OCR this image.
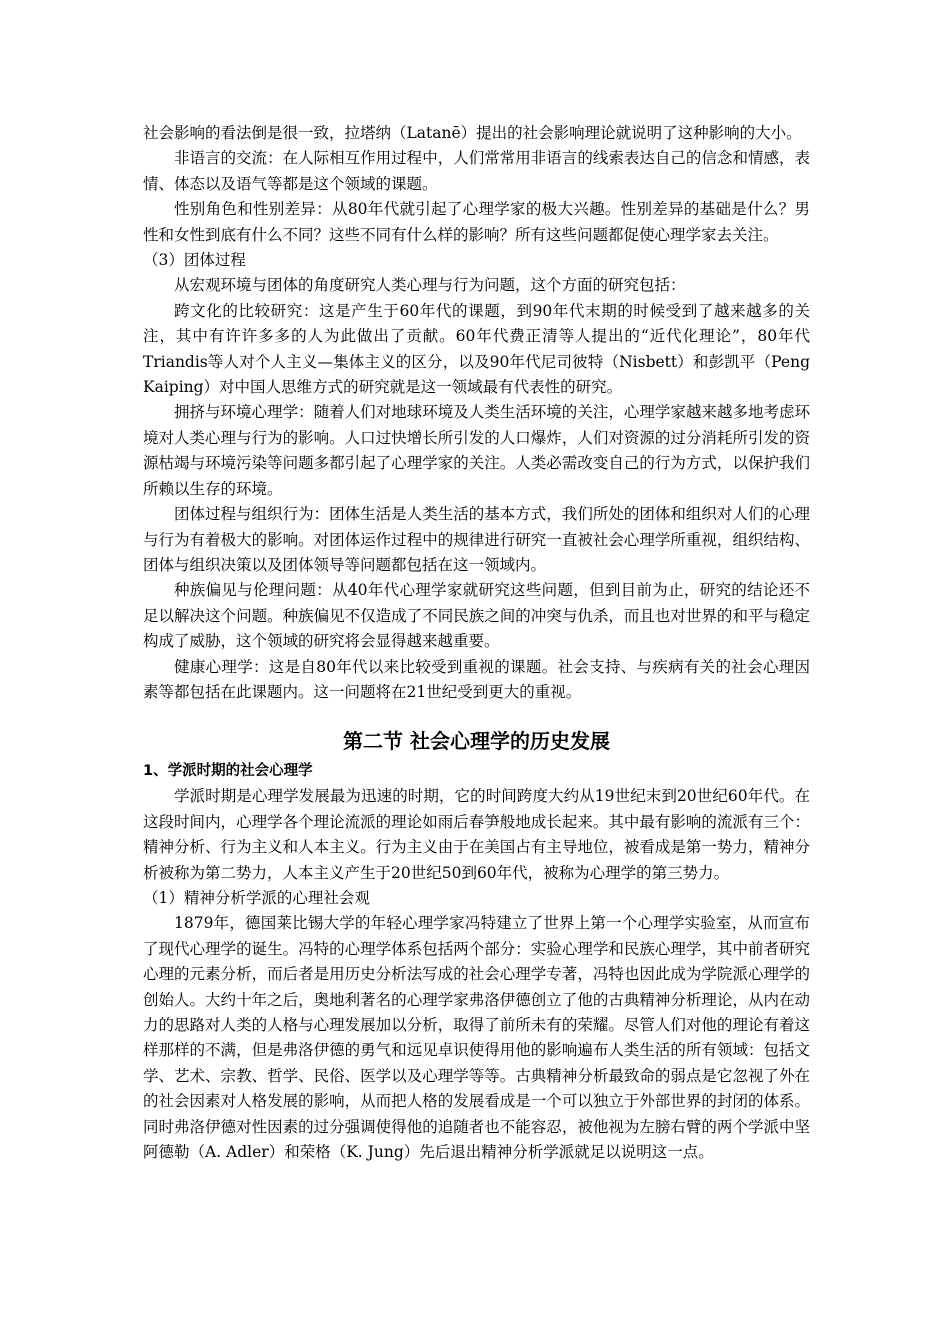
社会影响的看法倒是很一致，拉塔纳（Latanē）提出的社会影响理论就说明了这种影响的大小。

非语言的交流：在人际相互作用过程中，人们常常用非语言的线索表达自己的信念和情感，表情、体态以及语气等都是这个领域的课题。

性别角色和性别差异：从80年代就引起了心理学家的极大兴趣。性别差异的基础是什么？男性和女性到底有什么不同？这些不同有什么样的影响？所有这些问题都促使心理学家去关注。

（3）团体过程

从宏观环境与团体的角度研究人类心理与行为问题，这个方面的研究包括：

跨文化的比较研究：这是产生于60年代的课题，到90年代末期的时候受到了越来越多的关注，其中有许许多多的人为此做出了贡献。60年代费正清等人提出的“近代化理论”，80年代Triandis等人对个人主义—集体主义的区分，以及90年代尼司彼特（Nisbett）和彭凯平（Peng Kaiping）对中国人思维方式的研究就是这一领域最有代表性的研究。

拥挤与环境心理学：随着人们对地球环境及人类生活环境的关注，心理学家越来越多地考虑环境对人类心理与行为的影响。人口过快增长所引发的人口爆炸，人们对资源的过分消耗所引发的资源枯竭与环境污染等问题多都引起了心理学家的关注。人类必需改变自己的行为方式，以保护我们所赖以生存的环境。

团体过程与组织行为：团体生活是人类生活的基本方式，我们所处的团体和组织对人们的心理与行为有着极大的影响。对团体运作过程中的规律进行研究一直被社会心理学所重视，组织结构、团体与组织决策以及团体领导等问题都包括在这一领域内。

种族偏见与伦理问题：从40年代心理学家就研究这些问题，但到目前为止，研究的结论还不足以解决这个问题。种族偏见不仅造成了不同民族之间的冲突与仇杀，而且也对世界的和平与稳定构成了威胁，这个领域的研究将会显得越来越重要。

健康心理学：这是自80年代以来比较受到重视的课题。社会支持、与疾病有关的社会心理因素等都包括在此课题内。这一问题将在21世纪受到更大的重视。

第二节 社会心理学的历史发展

1、学派时期的社会心理学

学派时期是心理学发展最为迅速的时期，它的时间跨度大约从19世纪末到20世纪60年代。在这段时间内，心理学各个理论流派的理论如雨后春笋般地成长起来。其中最有影响的流派有三个：精神分析、行为主义和人本主义。行为主义由于在美国占有主导地位，被看成是第一势力，精神分析被称为第二势力，人本主义产生于20世纪50到60年代，被称为心理学的第三势力。

（1）精神分析学派的心理社会观

1879年，德国莱比锡大学的年轻心理学家冯特建立了世界上第一个心理学实验室，从而宣布了现代心理学的诞生。冯特的心理学体系包括两个部分：实验心理学和民族心理学，其中前者研究心理的元素分析，而后者是用历史分析法写成的社会心理学专著，冯特也因此成为学院派心理学的创始人。大约十年之后，奥地利著名的心理学家弗洛伊德创立了他的古典精神分析理论，从内在动力的思路对人类的人格与心理发展加以分析，取得了前所未有的荣耀。尽管人们对他的理论有着这样那样的不满，但是弗洛伊德的勇气和远见卓识使得用他的影响遍布人类生活的所有领域：包括文学、艺术、宗教、哲学、民俗、医学以及心理学等等。古典精神分析最致命的弱点是它忽视了外在的社会因素对人格发展的影响，从而把人格的发展看成是一个可以独立于外部世界的封闭的体系。同时弗洛伊德对性因素的过分强调使得他的追随者也不能容忍，被他视为左膀右臂的两个学派中坚阿德勒（A. Adler）和荣格（K. Jung）先后退出精神分析学派就足以说明这一点。
